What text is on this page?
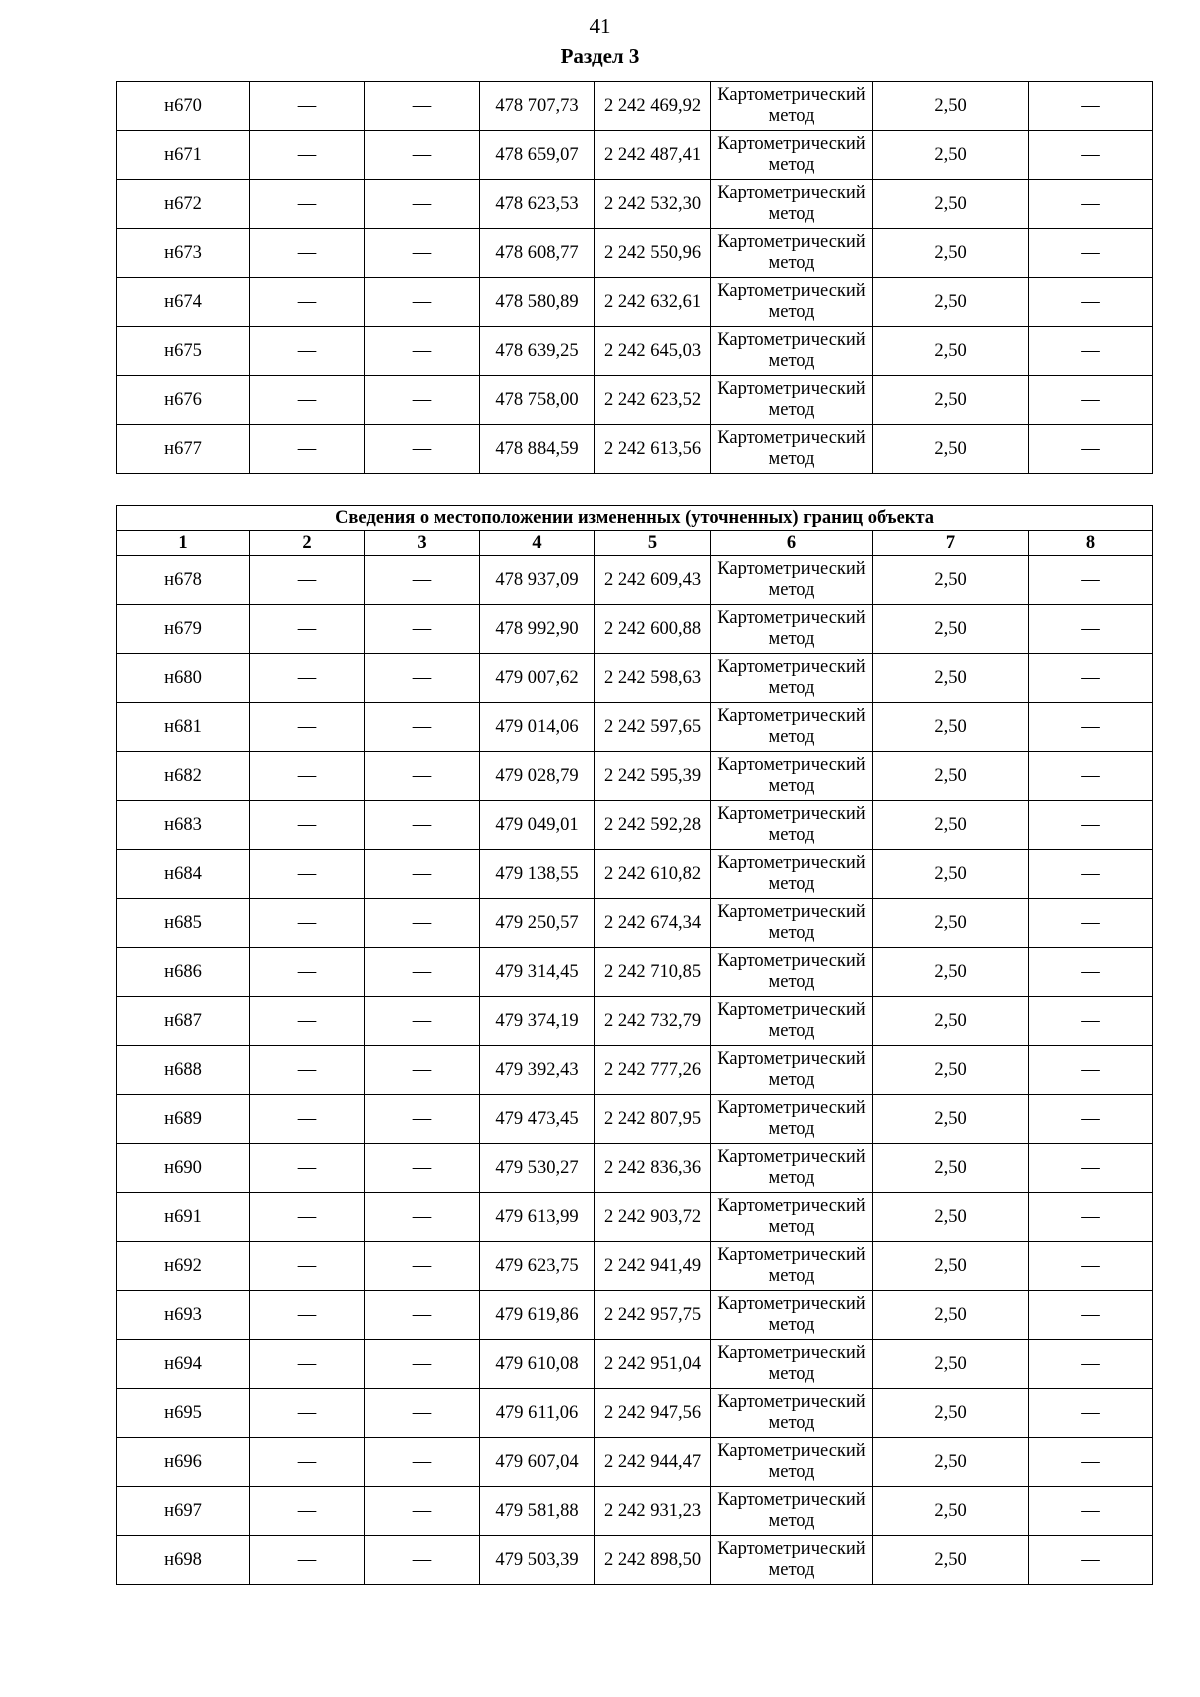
41
Раздел 3
н670	—	—	478 707,73	2 242 469,92	Картометрический метод	2,50	—
н671	—	—	478 659,07	2 242 487,41	Картометрический метод	2,50	—
н672	—	—	478 623,53	2 242 532,30	Картометрический метод	2,50	—
н673	—	—	478 608,77	2 242 550,96	Картометрический метод	2,50	—
н674	—	—	478 580,89	2 242 632,61	Картометрический метод	2,50	—
н675	—	—	478 639,25	2 242 645,03	Картометрический метод	2,50	—
н676	—	—	478 758,00	2 242 623,52	Картометрический метод	2,50	—
н677	—	—	478 884,59	2 242 613,56	Картометрический метод	2,50	—
Сведения о местоположении измененных (уточненных) границ объекта							
1	2	3	4	5	6	7	8
н678	—	—	478 937,09	2 242 609,43	Картометрический метод	2,50	—
н679	—	—	478 992,90	2 242 600,88	Картометрический метод	2,50	—
н680	—	—	479 007,62	2 242 598,63	Картометрический метод	2,50	—
н681	—	—	479 014,06	2 242 597,65	Картометрический метод	2,50	—
н682	—	—	479 028,79	2 242 595,39	Картометрический метод	2,50	—
н683	—	—	479 049,01	2 242 592,28	Картометрический метод	2,50	—
н684	—	—	479 138,55	2 242 610,82	Картометрический метод	2,50	—
н685	—	—	479 250,57	2 242 674,34	Картометрический метод	2,50	—
н686	—	—	479 314,45	2 242 710,85	Картометрический метод	2,50	—
н687	—	—	479 374,19	2 242 732,79	Картометрический метод	2,50	—
н688	—	—	479 392,43	2 242 777,26	Картометрический метод	2,50	—
н689	—	—	479 473,45	2 242 807,95	Картометрический метод	2,50	—
н690	—	—	479 530,27	2 242 836,36	Картометрический метод	2,50	—
н691	—	—	479 613,99	2 242 903,72	Картометрический метод	2,50	—
н692	—	—	479 623,75	2 242 941,49	Картометрический метод	2,50	—
н693	—	—	479 619,86	2 242 957,75	Картометрический метод	2,50	—
н694	—	—	479 610,08	2 242 951,04	Картометрический метод	2,50	—
н695	—	—	479 611,06	2 242 947,56	Картометрический метод	2,50	—
н696	—	—	479 607,04	2 242 944,47	Картометрический метод	2,50	—
н697	—	—	479 581,88	2 242 931,23	Картометрический метод	2,50	—
н698	—	—	479 503,39	2 242 898,50	Картометрический метод	2,50	—
